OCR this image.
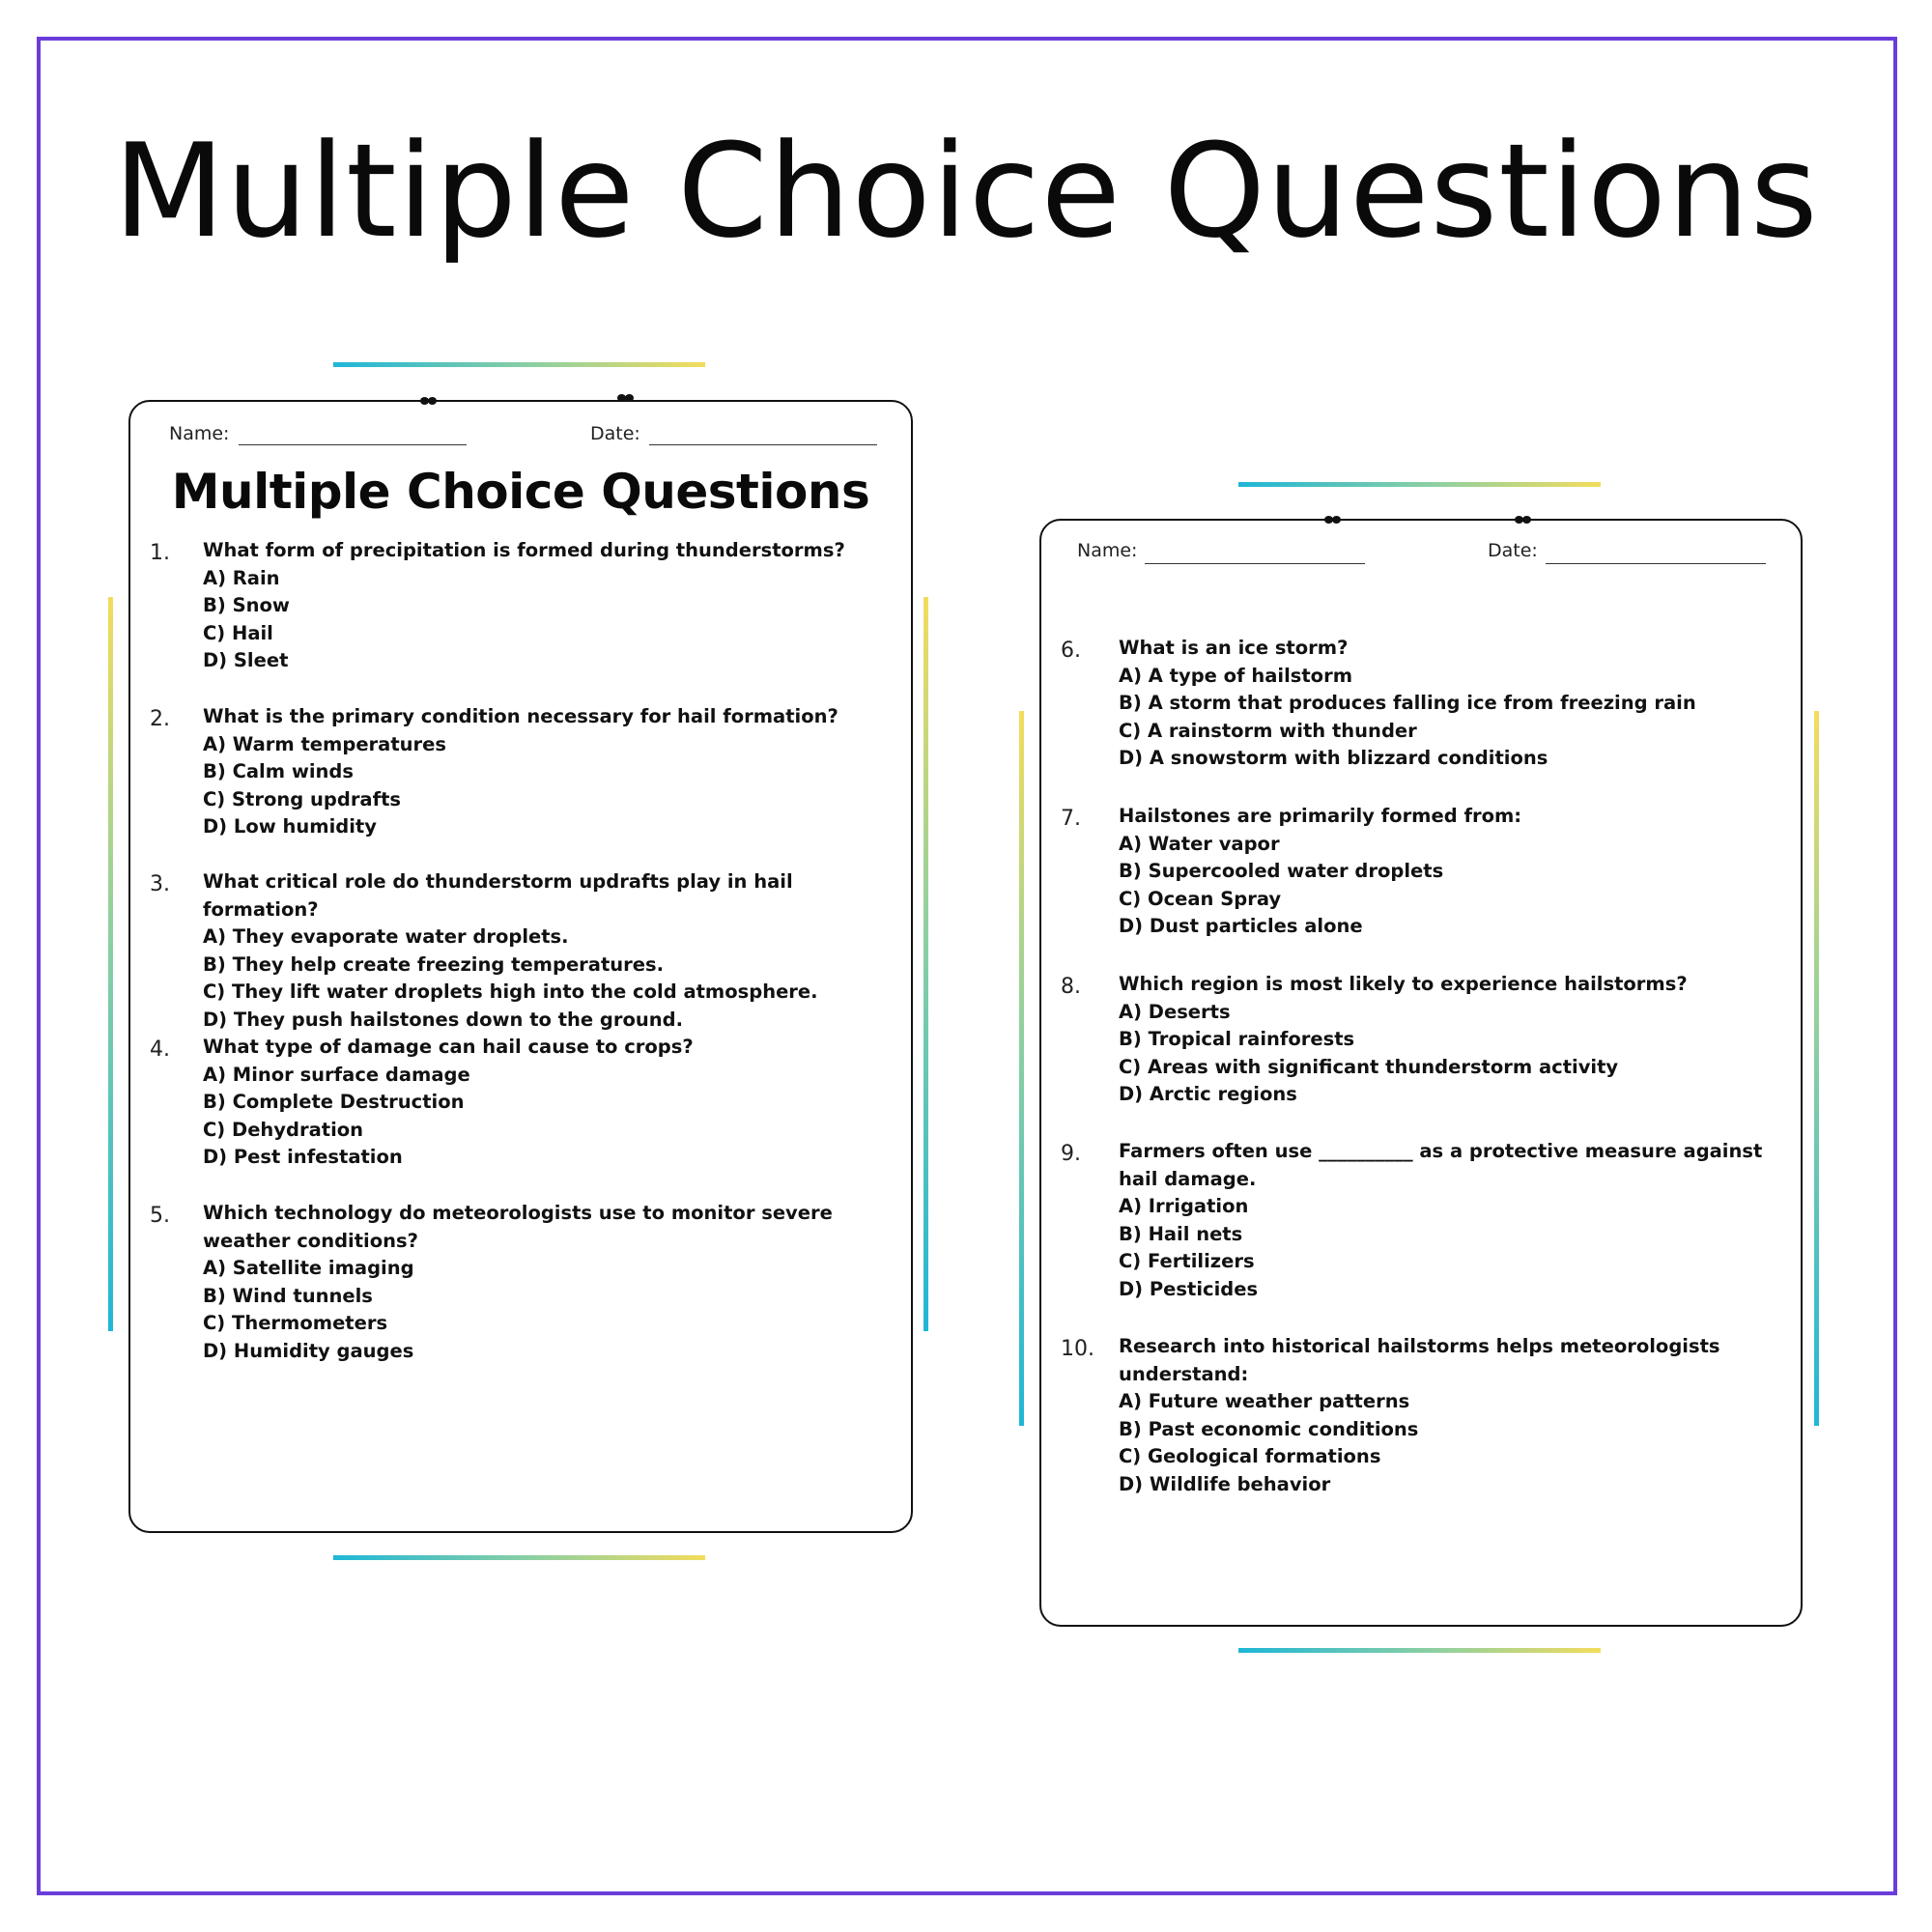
Multiple Choice Questions
Name:	Date:
Multiple Choice Questions
1. What form of precipitation is formed during thunderstorms?
A) Rain
B) Snow
C) Hail
D) Sleet
2. What is the primary condition necessary for hail formation?
A) Warm temperatures
B) Calm winds
C) Strong updrafts
D) Low humidity
3. What critical role do thunderstorm updrafts play in hail formation?
A) They evaporate water droplets.
B) They help create freezing temperatures.
C) They lift water droplets high into the cold atmosphere.
D) They push hailstones down to the ground.
4. What type of damage can hail cause to crops?
A) Minor surface damage
B) Complete Destruction
C) Dehydration
D) Pest infestation
5. Which technology do meteorologists use to monitor severe weather conditions?
A) Satellite imaging
B) Wind tunnels
C) Thermometers
D) Humidity gauges
Name:	Date:
6. What is an ice storm?
A) A type of hailstorm
B) A storm that produces falling ice from freezing rain
C) A rainstorm with thunder
D) A snowstorm with blizzard conditions
7. Hailstones are primarily formed from:
A) Water vapor
B) Supercooled water droplets
C) Ocean Spray
D) Dust particles alone
8. Which region is most likely to experience hailstorms?
A) Deserts
B) Tropical rainforests
C) Areas with significant thunderstorm activity
D) Arctic regions
9. Farmers often use __________ as a protective measure against hail damage.
A) Irrigation
B) Hail nets
C) Fertilizers
D) Pesticides
10. Research into historical hailstorms helps meteorologists understand:
A) Future weather patterns
B) Past economic conditions
C) Geological formations
D) Wildlife behavior
